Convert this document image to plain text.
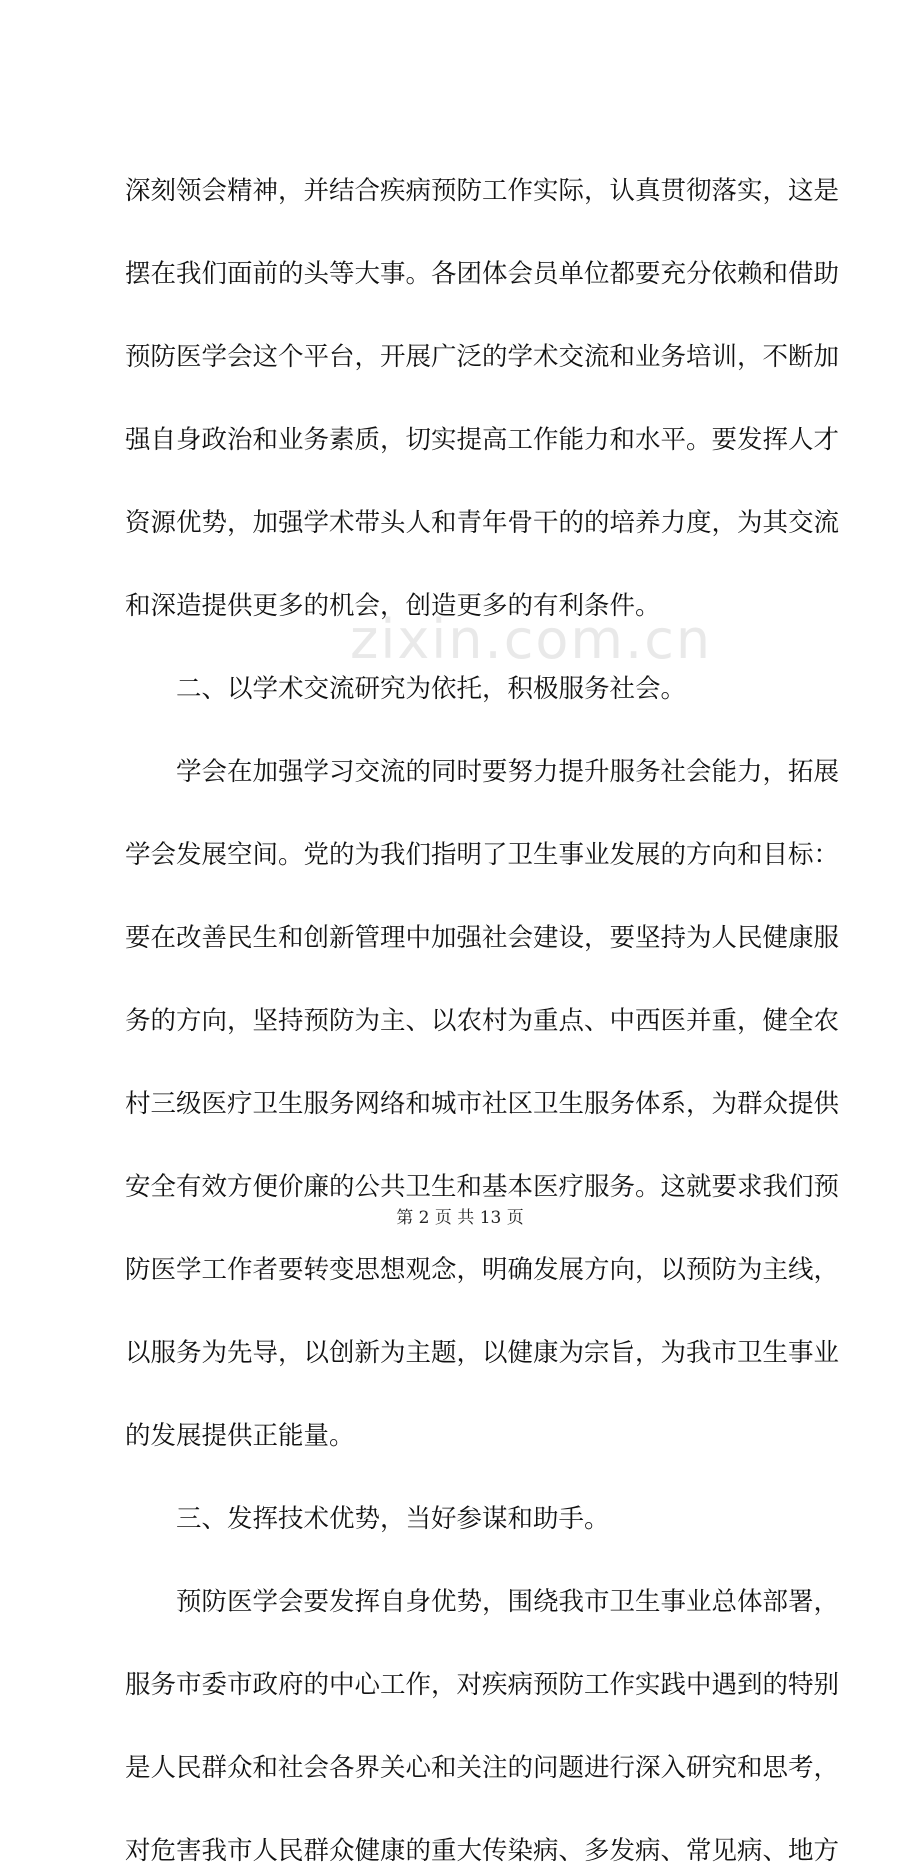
zixin.com.cn
深刻领会精神，并结合疾病预防工作实际，认真贯彻落实，这是
摆在我们面前的头等大事。各团体会员单位都要充分依赖和借助
预防医学会这个平台，开展广泛的学术交流和业务培训，不断加
强自身政治和业务素质，切实提高工作能力和水平。要发挥人才
资源优势，加强学术带头人和青年骨干的的培养力度，为其交流
和深造提供更多的机会，创造更多的有利条件。
二、以学术交流研究为依托，积极服务社会。
学会在加强学习交流的同时要努力提升服务社会能力，拓展
学会发展空间。党的为我们指明了卫生事业发展的方向和目标：
要在改善民生和创新管理中加强社会建设，要坚持为人民健康服
务的方向，坚持预防为主、以农村为重点、中西医并重，健全农
村三级医疗卫生服务网络和城市社区卫生服务体系，为群众提供
安全有效方便价廉的公共卫生和基本医疗服务。这就要求我们预
防医学工作者要转变思想观念，明确发展方向，以预防为主线，
以服务为先导，以创新为主题，以健康为宗旨，为我市卫生事业
的发展提供正能量。
三、发挥技术优势，当好参谋和助手。
预防医学会要发挥自身优势，围绕我市卫生事业总体部署，
服务市委市政府的中心工作，对疾病预防工作实践中遇到的特别
是人民群众和社会各界关心和关注的问题进行深入研究和思考，
对危害我市人民群众健康的重大传染病、多发病、常见病、地方
第 2 页 共 13 页
